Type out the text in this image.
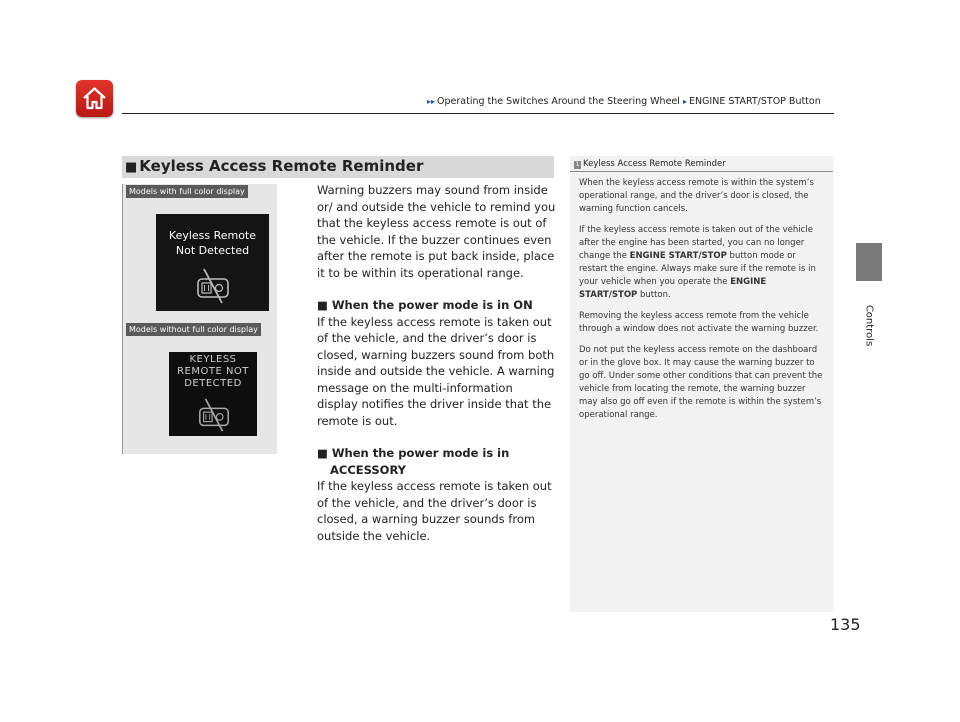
▸▸ Operating the Switches Around the Steering Wheel ▸ ENGINE START/STOP Button
Controls
■ Keyless Access Remote Reminder
Models with full color display
Keyless Remote
Not Detected
Models without full color display
KEYLESS
REMOTE NOT
DETECTED

Warning buzzers may sound from inside or/ and outside the vehicle to remind you that the keyless access remote is out of the vehicle. If the buzzer continues even after the remote is put back inside, place it to be within its operational range.

■ When the power mode is in ON

If the keyless access remote is taken out of the vehicle, and the driver’s door is closed, warning buzzers sound from both inside and outside the vehicle. A warning message on the multi-information display notifies the driver inside that the remote is out.

■ When the power mode is in
ACCESSORY

If the keyless access remote is taken out of the vehicle, and the driver’s door is closed, a warning buzzer sounds from outside the vehicle.

1 Keyless Access Remote Reminder

When the keyless access remote is within the system’s operational range, and the driver’s door is closed, the warning function cancels.

If the keyless access remote is taken out of the vehicle after the engine has been started, you can no longer change the ENGINE START/STOP button mode or restart the engine. Always make sure if the remote is in your vehicle when you operate the ENGINE START/STOP button.

Removing the keyless access remote from the vehicle through a window does not activate the warning buzzer.

Do not put the keyless access remote on the dashboard or in the glove box. It may cause the warning buzzer to go off. Under some other conditions that can prevent the vehicle from locating the remote, the warning buzzer may also go off even if the remote is within the system’s operational range.

135
